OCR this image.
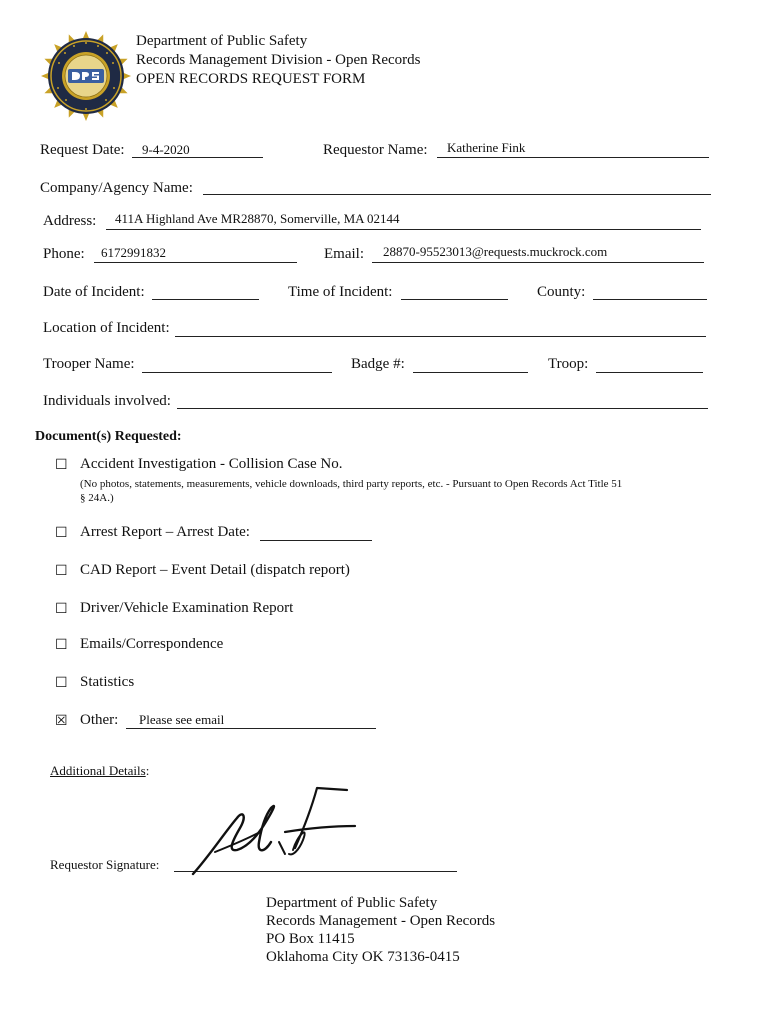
Department of Public Safety
Records Management Division - Open Records
OPEN RECORDS REQUEST FORM
Request Date: 9-4-2020	Requestor Name: Katherine Fink
Company/Agency Name:
Address: 411A Highland Ave MR28870, Somerville, MA 02144
Phone: 6172991832	Email: 28870-95523013@requests.muckrock.com
Date of Incident:	Time of Incident:	County:
Location of Incident:
Trooper Name:	Badge #:	Troop:
Individuals involved:
Document(s) Requested:
☐ Accident Investigation - Collision Case No.
(No photos, statements, measurements, vehicle downloads, third party reports, etc. - Pursuant to Open Records Act Title 51
§ 24A.)
☐ Arrest Report – Arrest Date:
☐ CAD Report – Event Detail (dispatch report)
☐ Driver/Vehicle Examination Report
☐ Emails/Correspondence
☐ Statistics
☒ Other: Please see email
Additional Details:
Requestor Signature:
Department of Public Safety
Records Management - Open Records
PO Box 11415
Oklahoma City OK 73136-0415
